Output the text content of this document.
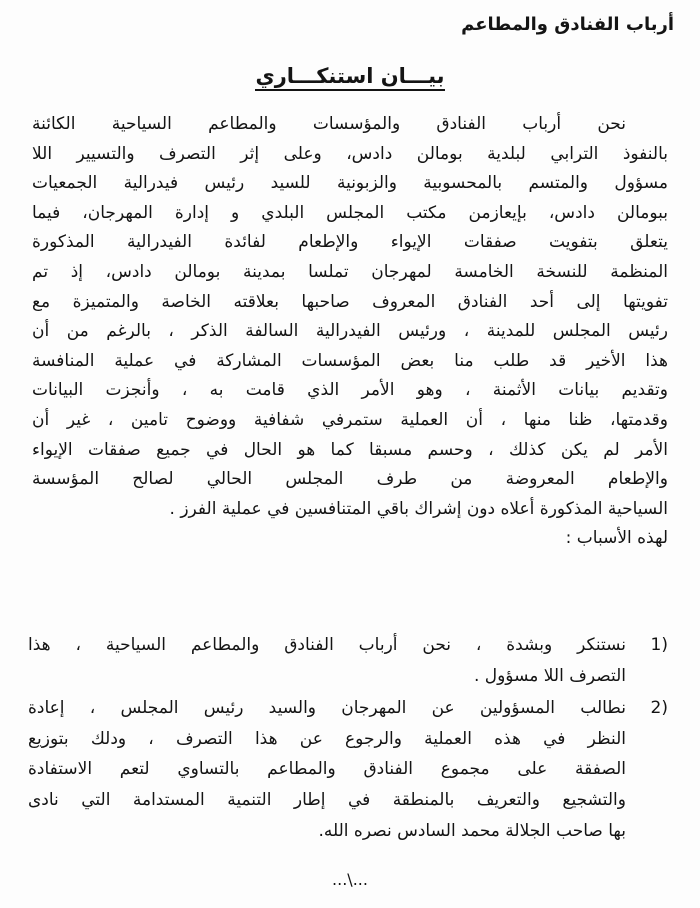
أرباب الفنادق والمطاعم
بيـــان استنكـــاري

نحن أرباب الفنادق والمؤسسات والمطاعم السياحية الكائنة

بالنفوذ الترابي لبلدية بومالن دادس، وعلى إثر التصرف والتسيير اللا

مسؤول والمتسم بالمحسوبية والزبونية للسيد رئيس فيدرالية الجمعيات

ببومالن دادس، بإيعازمن مكتب المجلس البلدي و إدارة المهرجان، فيما

يتعلق بتفويت صفقات الإيواء والإطعام لفائدة الفيدرالية المذكورة

المنظمة للنسخة الخامسة لمهرجان تملسا بمدينة بومالن دادس، إذ تم

تفويتها إلى أحد الفنادق المعروف صاحبها بعلاقته الخاصة والمتميزة مع

رئيس المجلس للمدينة ، ورئيس الفيدرالية السالفة الذكر ، بالرغم من أن

هذا الأخير قد طلب منا بعض المؤسسات المشاركة في عملية المنافسة

وتقديم بيانات الأثمنة ، وهو الأمر الذي قامت به ، وأنجزت البيانات

وقدمتها، ظنا منها ، أن العملية ستمرفي شفافية ووضوح تامين ، غير أن

الأمر لم يكن كذلك ، وحسم مسبقا كما هو الحال في جميع صفقات الإيواء

والإطعام المعروضة من طرف المجلس الحالي لصالح المؤسسة

السياحية المذكورة أعلاه دون إشراك باقي المتنافسين في عملية الفرز .

لهذه الأسباب :

1)

نستنكر وبشدة ، نحن أرباب الفنادق والمطاعم السياحية ، هذا

التصرف اللا مسؤول .

2)

نطالب المسؤولين عن المهرجان والسيد رئيس المجلس ، إعادة

النظر في هذه العملية والرجوع عن هذا التصرف ، ودلك بتوزيع

الصفقة على مجموع الفنادق والمطاعم بالتساوي لتعم الاستفادة

والتشجيع والتعريف بالمنطقة في إطار التنمية المستدامة التي نادى

بها صاحب الجلالة محمد السادس نصره الله.

...\...
